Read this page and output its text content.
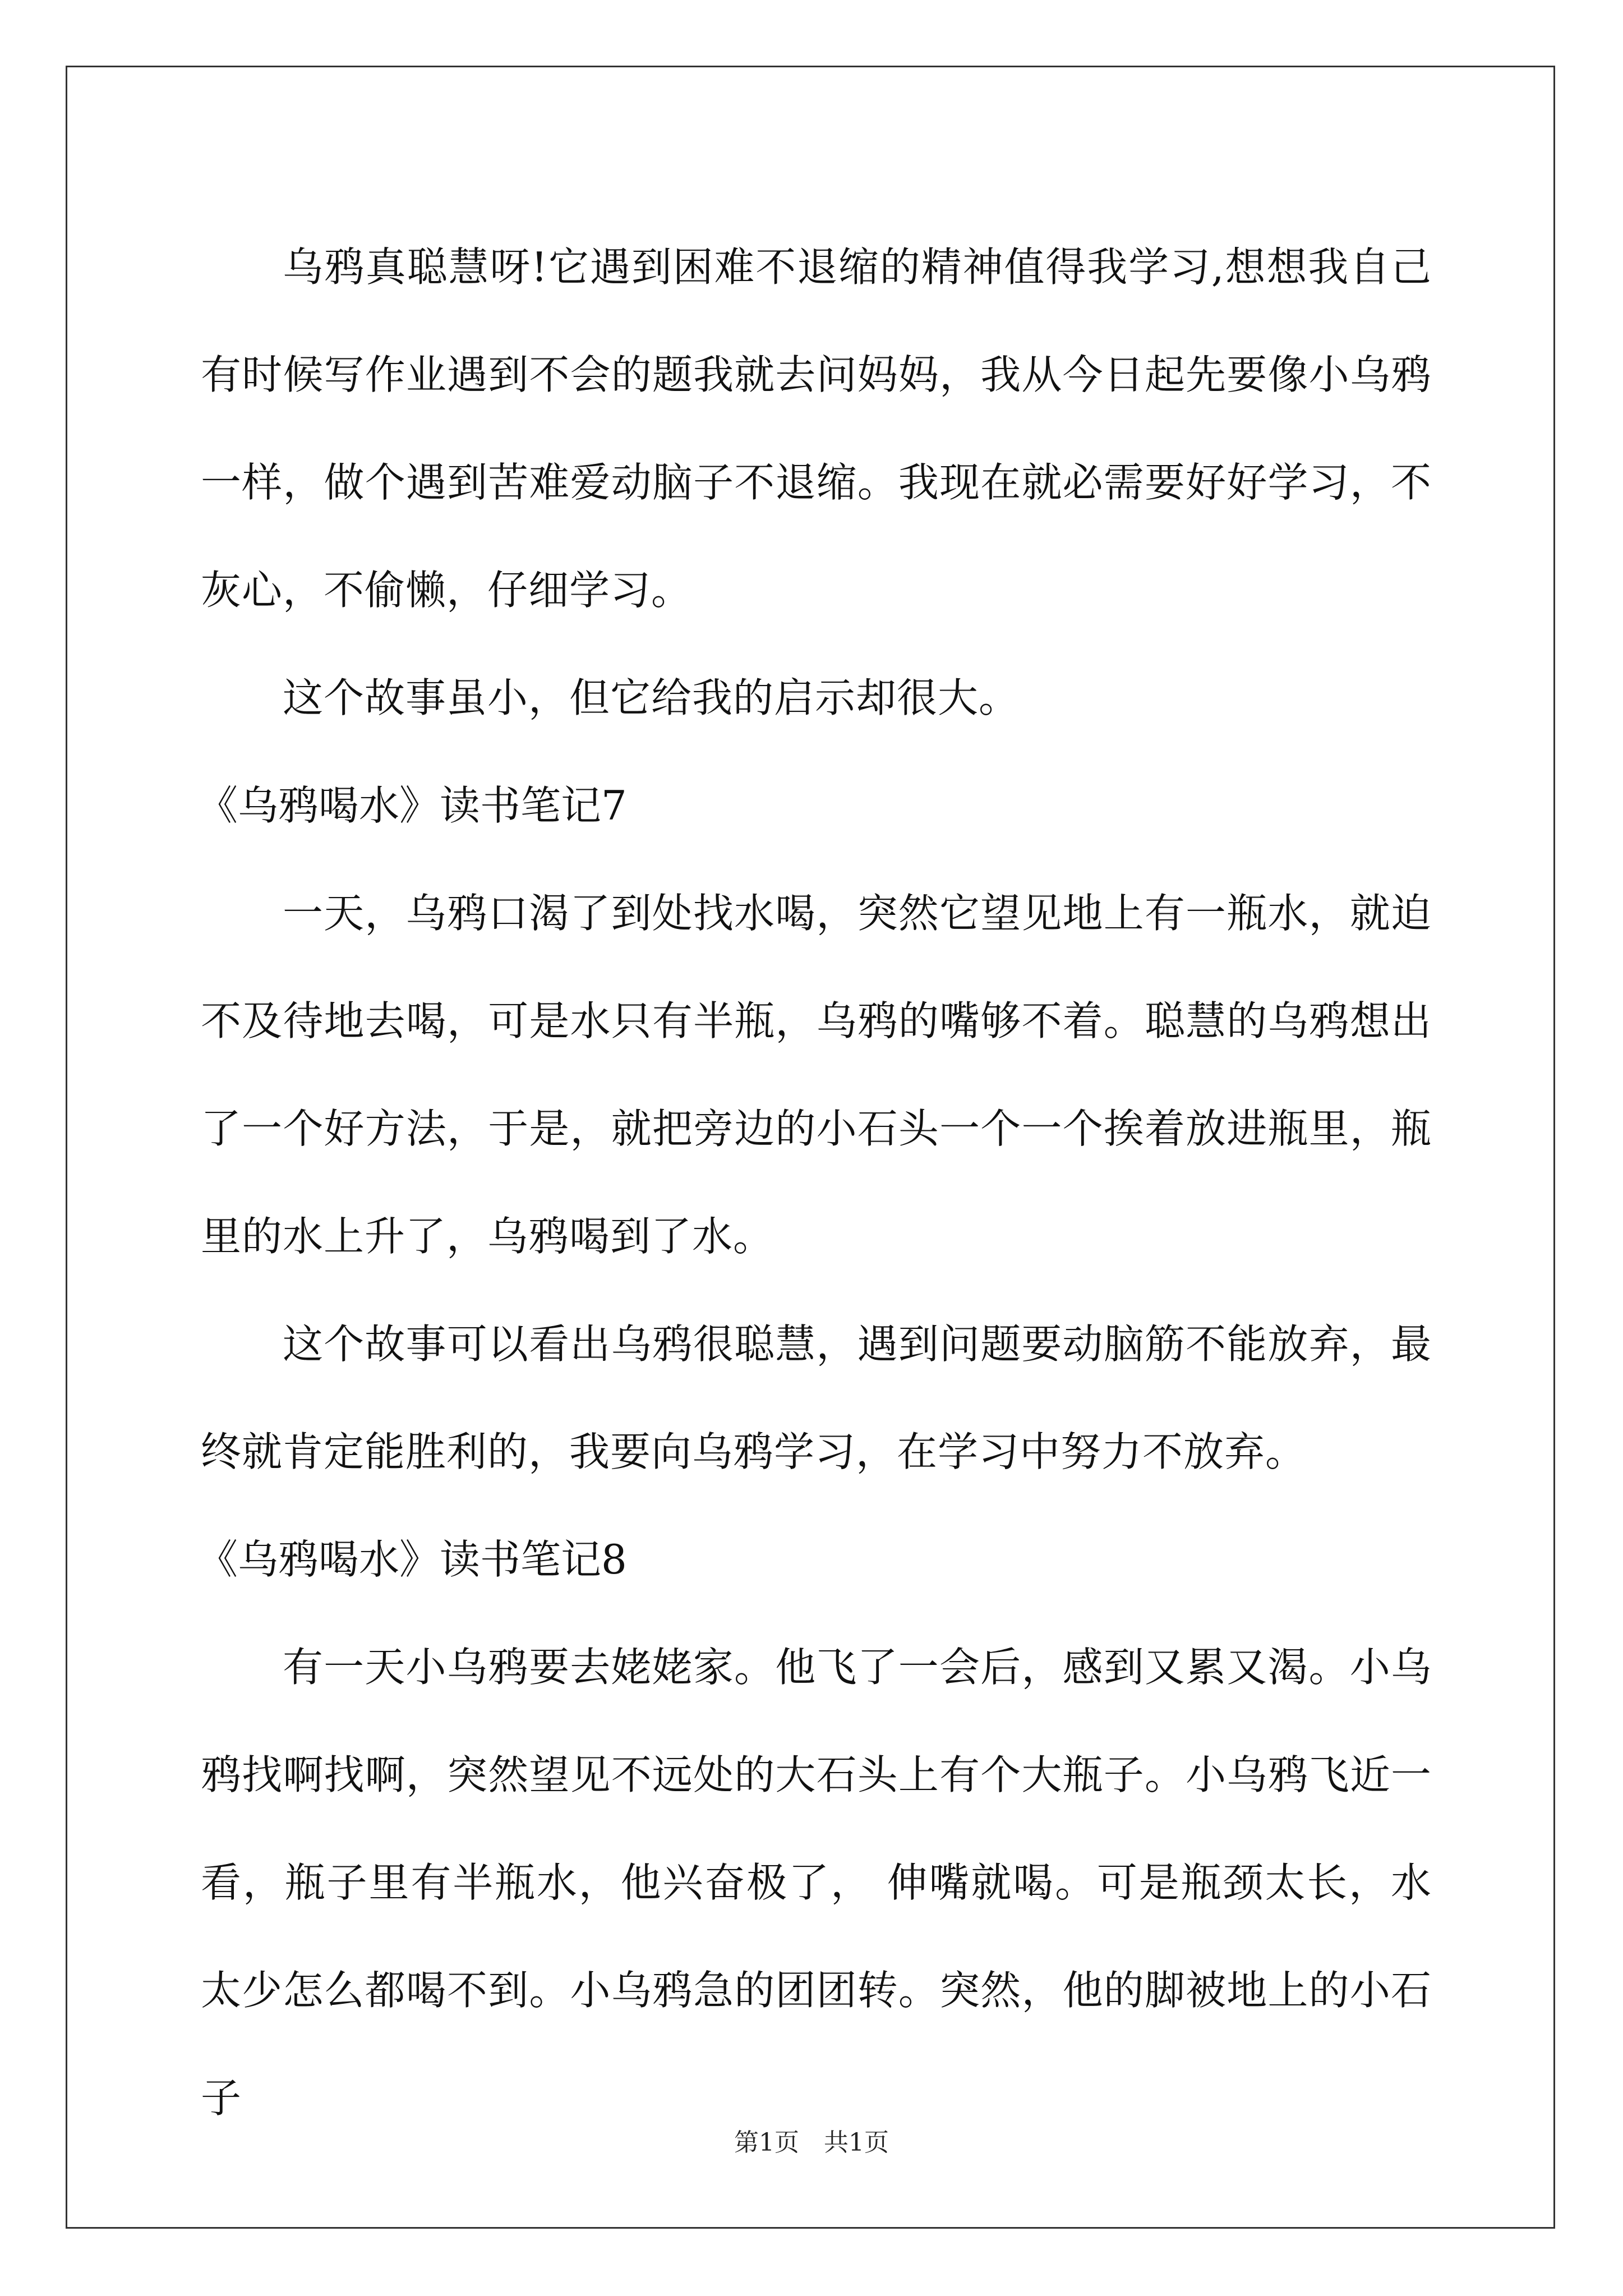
乌鸦真聪慧呀!它遇到困难不退缩的精神值得我学习,想想我自己有时候写作业遇到不会的题我就去问妈妈，我从今日起先要像小乌鸦一样，做个遇到苦难爱动脑子不退缩。我现在就必需要好好学习，不灰心，不偷懒，仔细学习。

这个故事虽小，但它给我的启示却很大。

《乌鸦喝水》读书笔记7

一天，乌鸦口渴了到处找水喝，突然它望见地上有一瓶水，就迫不及待地去喝，可是水只有半瓶，乌鸦的嘴够不着。聪慧的乌鸦想出了一个好方法，于是，就把旁边的小石头一个一个挨着放进瓶里，瓶里的水上升了，乌鸦喝到了水。

这个故事可以看出乌鸦很聪慧，遇到问题要动脑筋不能放弃，最终就肯定能胜利的，我要向乌鸦学习，在学习中努力不放弃。

《乌鸦喝水》读书笔记8

有一天小乌鸦要去姥姥家。他飞了一会后，感到又累又渴。小乌鸦找啊找啊，突然望见不远处的大石头上有个大瓶子。小乌鸦飞近一看，瓶子里有半瓶水，他兴奋极了， 伸嘴就喝。可是瓶颈太长，水太少怎么都喝不到。小乌鸦急的团团转。突然，他的脚被地上的小石子

第1页　共1页
